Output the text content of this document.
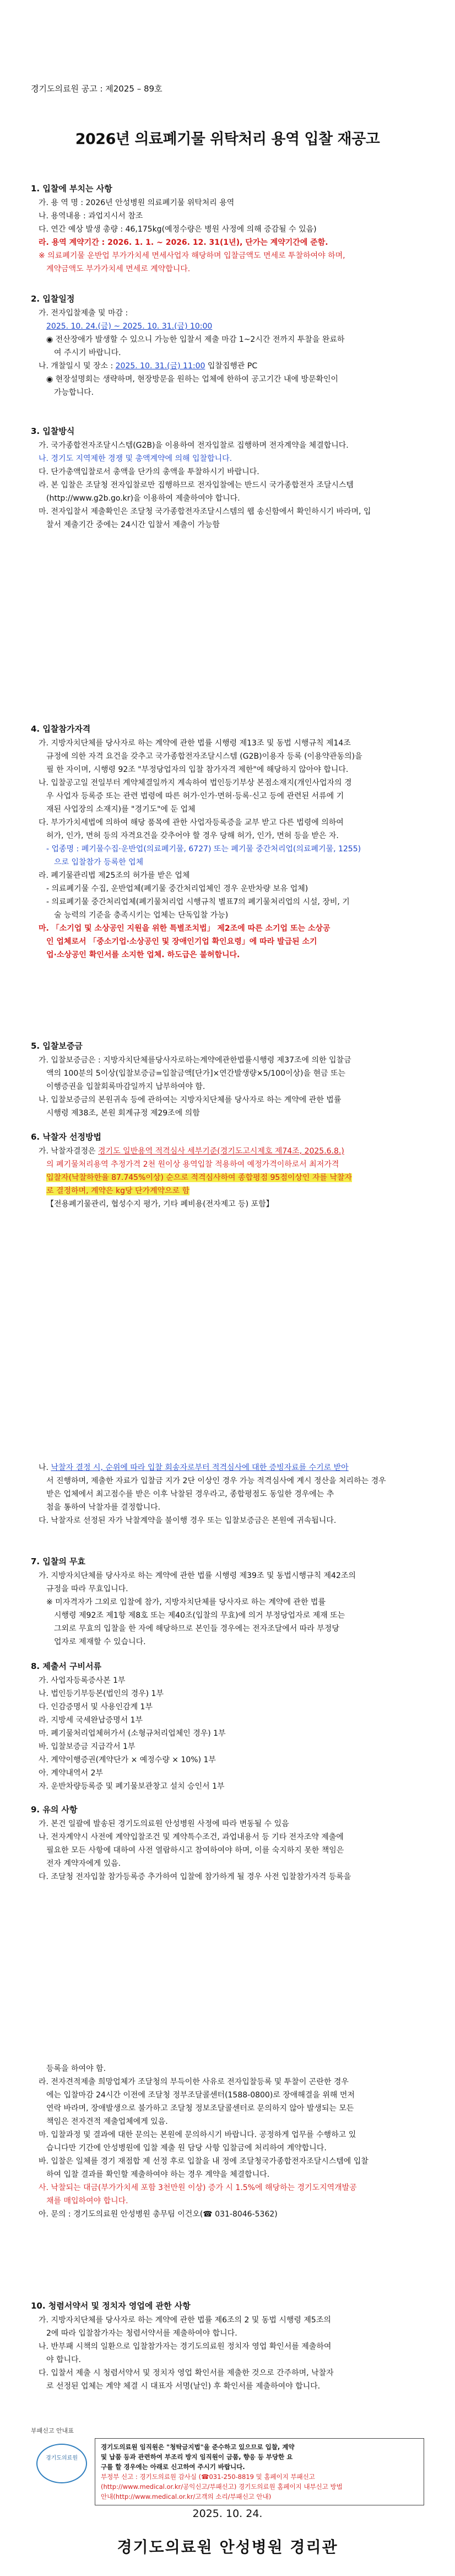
경기도의료원 공고 : 제2025 – 89호
2026년 의료폐기물 위탁처리 용역 입찰 재공고
1. 입찰에 부치는 사항
가. 용 역 명 : 2026년 안성병원 의료폐기물 위탁처리 용역
나. 용역내용 : 과업지시서 참조
다. 연간 예상 발생 총량 : 46,175kg(예정수량은 병원 사정에 의해 증감될 수 있음)
라. 용역 계약기간 : 2026. 1. 1. ~ 2026. 12. 31(1년), 단가는 계약기간에 준함.
※ 의료폐기물 운반업 부가가치세 면세사업자 해당하며 입찰금액도 면세로 투찰하여야 하며,
계약금액도 부가가치세 면세로 계약합니다.
2. 입찰일정
가. 전자입찰제출 및 마감 :
2025. 10. 24.(금) ~ 2025. 10. 31.(금) 10:00
◉ 전산장애가 발생할 수 있으니 가능한 입찰서 제출 마감 1~2시간 전까지 투찰을 완료하
여 주시기 바랍니다.
나. 개찰일시 및 장소 : 2025. 10. 31.(금) 11:00 입찰집행관 PC
◉ 현장설명회는 생략하며, 현장방문을 원하는 업체에 한하여 공고기간 내에 방문확인이
가능합니다.
3. 입찰방식
가. 국가종합전자조달시스템(G2B)을 이용하여 전자입찰로 집행하며 전자계약을 체결합니다.
나. 경기도 지역제한 경쟁 및 총액계약에 의해 입찰합니다.
다. 단가총액입찰로서 총액을 단가의 총액을 투찰하시기 바랍니다.
라. 본 입찰은 조달청 전자입찰로만 집행하므로 전자입찰에는 반드시 국가종합전자 조달시스템
(http://www.g2b.go.kr)을 이용하여 제출하여야 합니다.
마. 전자입찰서 제출확인은 조달청 국가종합전자조달시스템의 웹 송신함에서 확인하시기 바라며, 입
찰서 제출기간 중에는 24시간 입찰서 제출이 가능함
4. 입찰참가자격
가. 지방자치단체를 당사자로 하는 계약에 관한 법률 시행령 제13조 및 동법 시행규칙 제14조
규정에 의한 자격 요건을 갖추고 국가종합전자조달시스템 (G2B)이용자 등록 (이용약관동의)을
필 한 자이며, 시행령 92조 "부정당업자의 입찰 참가자격 제한"에 해당하지 않아야 합니다.
나. 입찰공고일 전일부터 계약체결일까지 계속하여 법인등기부상 본점소재지(개인사업자의 경
우 사업자 등록증 또는 관련 법령에 따른 허가·인가·면허·등록·신고 등에 관련된 서류에 기
재된 사업장의 소재지)를 "경기도"에 둔 업체
다. 부가가치세법에 의하여 해당 품목에 관한 사업자등록증을 교부 받고 다른 법령에 의하여
허가, 인가, 면허 등의 자격요건을 갖추어야 할 경우 당해 허가, 인가, 면허 등을 받은 자.
- 업종명 : 폐기물수집·운반업(의료폐기물, 6727) 또는 폐기물 중간처리업(의료폐기물, 1255)
으로 입찰참가 등록한 업체
라. 폐기물관리법 제25조의 허가를 받은 업체
- 의료폐기물 수집, 운반업체(폐기물 중간처리업체인 경우 운반차량 보유 업체)
- 의료폐기물 중간처리업체(폐기물처리업 시행규칙 별표7의 폐기물처리업의 시설, 장비, 기
술 능력의 기준을 충족시키는 업체는 단독입찰 가능)
마. 「소기업 및 소상공인 지원을 위한 특별조치법」 제2조에 따른 소기업 또는 소상공
인 업체로서 「중소기업·소상공인 및 장애인기업 확인요령」에 따라 발급된 소기
업·소상공인 확인서를 소지한 업체. 하도급은 불허합니다.
5. 입찰보증금
가. 입찰보증금은 : 지방자치단체를당사자로하는계약에관한법률시행령 제37조에 의한 입찰금
액의 100분의 5이상(입찰보증금=입찰금액[단가]×연간발생량×5/100이상)을 현금 또는
이행증권을 입찰회록마감일까지 납부하여야 함.
나. 입찰보증금의 본원귀속 등에 관하여는 지방자치단체를 당사자로 하는 계약에 관한 법률
시행령 제38조, 본원 회계규정 제29조에 의함
6. 낙찰자 선정방법
가. 낙찰자결정은 경기도 일반용역 적격심사 세부기준(경기도고시제호 제74조, 2025.6.8.)
의 폐기물처리용역 추정가격 2천 원이상 용역입찰 적용하여 예정가격이하로서 최저가격
입찰자(낙찰하한율 87.745%이상) 순으로 적격심사하여 종합평점 95점이상인 자를 낙찰자
로 결정하며, 계약은 kg당 단가계약으로 함
【전용폐기물관리, 협성수지 평가, 기타 폐비용(전자제고 등) 포함】
나. 낙찰자 결정 시, 순위에 따라 입찰 회송자로부터 적격심사에 대한 증빙자료를 수기로 받아
서 진행하며, 제출한 자료가 입찰금 지가 2단 이상인 경우 가능 적격심사에 계시 정산을 처리하는 경우
받은 업체에서 최고점수를 받은 이후 낙찰된 경우라고, 종합평점도 동일한 경우에는 추
첨을 통하여 낙찰자를 결정합니다.
다. 낙찰자로 선정된 자가 낙찰계약을 불이행 경우 또는 입찰보증금은 본원에 귀속됩니다.
7. 입찰의 무효
가. 지방자치단체를 당사자로 하는 계약에 관한 법률 시행령 제39조 및 동법시행규칙 제42조의
규정을 따라 무효입니다.
※ 미자격자가 그외로 입찰에 참가, 지방자치단체를 당사자로 하는 계약에 관한 법률
시행령 제92조 제1항 제8호 또는 제40조(입찰의 무효)에 의거 부정당업자로 제재 또는
그외로 무효의 입찰을 한 자에 해당하므로 본인들 경우에는 전자조달에서 따라 부정당
업자로 제재할 수 있습니다.
8. 제출서 구비서류
가. 사업자등록증사본 1부
나. 법인등기부등본(법인의 경우) 1부
다. 인감증명서 및 사용인감계 1부
라. 지방세 국세완납증명서 1부
마. 폐기물처리업체허가서 (소형규처리업체인 경우) 1부
바. 입찰보증금 지급각서 1부
사. 계약이행증권(계약단가 × 예정수량 × 10%) 1부
아. 계약내역서 2부
자. 운반차량등록증 및 폐기물보관창고 설치 승인서 1부
9. 유의 사항
가. 본건 일괄에 발송된 경기도의료원 안성병원 사정에 따라 변동될 수 있음
나. 전자계약시 사전에 계약입찰조건 및 계약특수조건, 과업내용서 등 기타 전자조약 제출에
필요한 모든 사항에 대하여 사전 열람하시고 참여하여야 하며, 이를 숙지하지 못한 책임은
전자 계약자에게 있음.
다. 조달청 전자입찰 참가등록증 추가하여 입찰에 참가하게 될 경우 사전 입찰참가자격 등록을
등록을 하여야 함.
라. 전자견적제출 희망업체가 조달청의 부득이한 사유로 전자입찰등록 및 투찰이 곤란한 경우
에는 입찰마감 24시간 이전에 조달청 정부조달콜센터(1588-0800)로 장애해결을 위해 먼저
연락 바라며, 장애발생으로 불가하고 조달청 정보조달콜센터로 문의하지 않아 발생되는 모든
책임은 전자견적 제출업체에게 있음.
마. 입찰과정 및 결과에 대한 문의는 본원에 문의하시기 바랍니다. 공정하게 업무를 수행하고 있
습니다만 기간에 안성병원에 입찰 제출 원 담당 사항 입찰금에 처리하여 계약합니다.
바. 입찰은 일체를 경기 재점합 제 선정 후로 입찰을 내 정에 조달청국가종합전자조달시스템에 입찰
하여 입찰 결과를 확인할 제출하여야 하는 경우 계약을 체결합니다.
사. 낙찰되는 대금(부가가치세 포함 3천만원 이상) 증가 시 1.5%에 해당하는 경기도지역개발공
채를 매입하여야 합니다.
아. 문의 : 경기도의료원 안성병원 총무팀 이건오(☎ 031-8046-5362)
10. 청렴서약서 및 정치자 영업에 관한 사항
가. 지방자치단체를 당사자로 하는 계약에 관한 법률 제6조의 2 및 동법 시행령 제5조의
2에 따라 입찰참가자는 청렴서약서를 제출하여야 합니다.
나. 반부패 시책의 일환으로 입찰참가자는 경기도의료원 정치자 영업 확인서를 제출하여
야 합니다.
다. 입찰서 제출 시 청렴서약서 및 정치자 영업 확인서를 제출한 것으로 간주하며, 낙찰자
로 선정된 업체는 계약 체결 시 대표자 서명(날인) 후 확인서를 제출하여야 합니다.
부패신고 안내표
경기도의료원
경기도의료원 임직원은 "청탁금지법"을 준수하고 있으므로 입찰, 계약
및 납품 등과 관련하여 부조리 방지 임직원이 금품, 향응 등 부당한 요
구를 할 경우에는 아래로 신고하여 주시기 바랍니다.
부정부 신고 : 경기도의료원 감사실 (☎031-250-8819 및 홈페이지 부패신고
(http://www.medical.or.kr/공익신고/부패신고) 경기도의료원 홈페이지 내부신고 방법
안내(http://www.medical.or.kr/고객의 소리/부패신고 안내)
2025. 10. 24.
경기도의료원 안성병원 경리관
